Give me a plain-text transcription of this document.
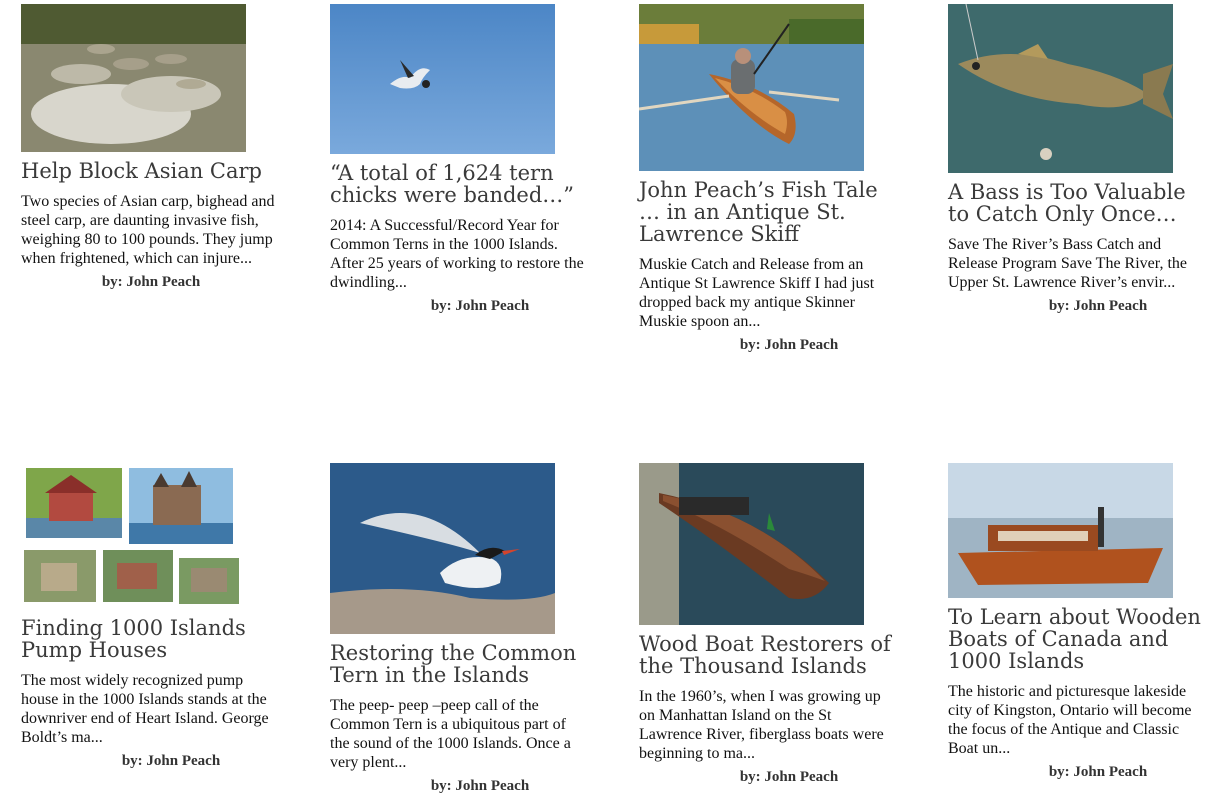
Help Block Asian Carp
Two species of Asian carp, bighead and steel carp, are daunting invasive fish, weighing 80 to 100 pounds. They jump when frightened, which can injure...
by: John Peach
“A total of 1,624 tern chicks were banded…”
2014: A Successful/Record Year for Common Terns in the 1000 Islands. After 25 years of working to restore the dwindling...
by: John Peach
John Peach’s Fish Tale … in an Antique St. Lawrence Skiff
Muskie Catch and Release from an Antique St Lawrence Skiff I had just dropped back my antique Skinner Muskie spoon an...
by: John Peach
A Bass is Too Valuable to Catch Only Once…
Save The River’s Bass Catch and Release Program Save The River, the Upper St. Lawrence River’s envir...
by: John Peach
Finding 1000 Islands Pump Houses
The most widely recognized pump house in the 1000 Islands stands at the downriver end of Heart Island. George Boldt’s ma...
by: John Peach
Restoring the Common Tern in the Islands
The peep- peep –peep call of the Common Tern is a ubiquitous part of the sound of the 1000 Islands. Once a very plent...
by: John Peach
Wood Boat Restorers of the Thousand Islands
In the 1960’s, when I was growing up on Manhattan Island on the St Lawrence River, fiberglass boats were beginning to ma...
by: John Peach
To Learn about Wooden Boats of Canada and 1000 Islands
The historic and picturesque lakeside city of Kingston, Ontario will become the focus of the Antique and Classic Boat un...
by: John Peach
